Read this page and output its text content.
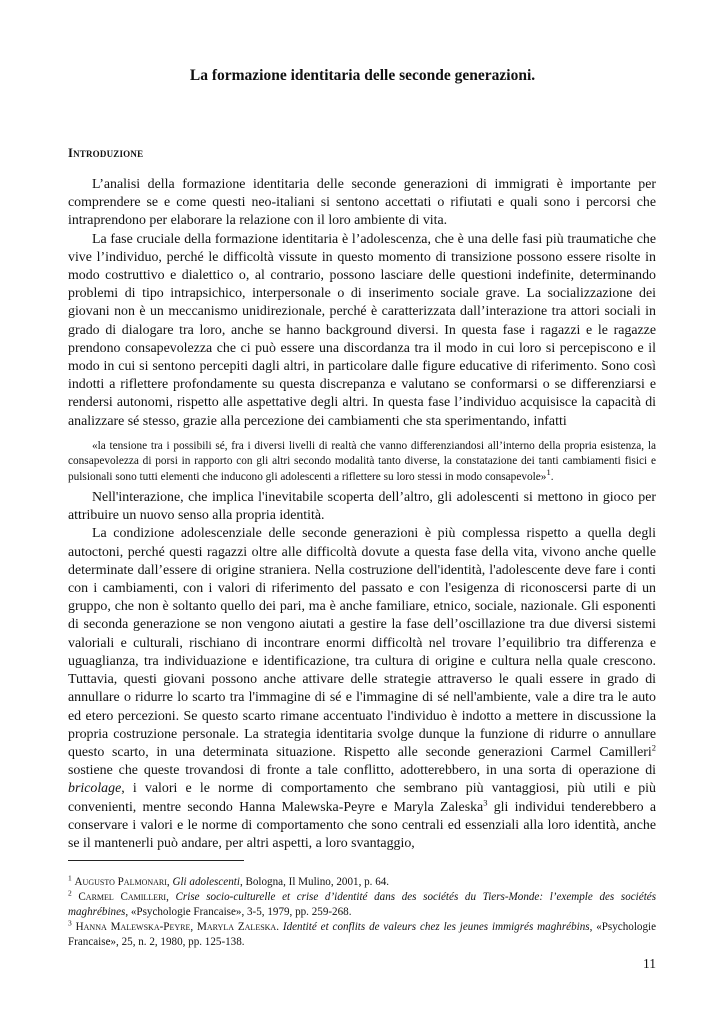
La formazione identitaria delle seconde generazioni.
Introduzione

L’analisi della formazione identitaria delle seconde generazioni di immigrati è importante per comprendere se e come questi neo-italiani si sentono accettati o rifiutati e quali sono i percorsi che intraprendono per elaborare la relazione con il loro ambiente di vita.

La fase cruciale della formazione identitaria è l’adolescenza, che è una delle fasi più traumatiche che vive l’individuo, perché le difficoltà vissute in questo momento di transizione possono essere risolte in modo costruttivo e dialettico o, al contrario, possono lasciare delle questioni indefinite, determinando problemi di tipo intrapsichico, interpersonale o di inserimento sociale grave. La socializzazione dei giovani non è un meccanismo unidirezionale, perché è caratterizzata dall’interazione tra attori sociali in grado di dialogare tra loro, anche se hanno background diversi. In questa fase i ragazzi e le ragazze prendono consapevolezza che ci può essere una discordanza tra il modo in cui loro si percepiscono e il modo in cui si sentono percepiti dagli altri, in particolare dalle figure educative di riferimento. Sono così indotti a riflettere profondamente su questa discrepanza e valutano se conformarsi o se differenziarsi e rendersi autonomi, rispetto alle aspettative degli altri. In questa fase l’individuo acquisisce la capacità di analizzare sé stesso, grazie alla percezione dei cambiamenti che sta sperimentando, infatti

«la tensione tra i possibili sé, fra i diversi livelli di realtà che vanno differenziandosi all’interno della propria esistenza, la consapevolezza di porsi in rapporto con gli altri secondo modalità tanto diverse, la constatazione dei tanti cambiamenti fisici e pulsionali sono tutti elementi che inducono gli adolescenti a riflettere su loro stessi in modo consapevole»$^1$.

Nell'interazione, che implica l'inevitabile scoperta dell’altro, gli adolescenti si mettono in gioco per attribuire un nuovo senso alla propria identità.

La condizione adolescenziale delle seconde generazioni è più complessa rispetto a quella degli autoctoni, perché questi ragazzi oltre alle difficoltà dovute a questa fase della vita, vivono anche quelle determinate dall’essere di origine straniera. Nella costruzione dell'identità, l'adolescente deve fare i conti con i cambiamenti, con i valori di riferimento del passato e con l'esigenza di riconoscersi parte di un gruppo, che non è soltanto quello dei pari, ma è anche familiare, etnico, sociale, nazionale. Gli esponenti di seconda generazione se non vengono aiutati a gestire la fase dell’oscillazione tra due diversi sistemi valoriali e culturali, rischiano di incontrare enormi difficoltà nel trovare l’equilibrio tra differenza e uguaglianza, tra individuazione e identificazione, tra cultura di origine e cultura nella quale crescono. Tuttavia, questi giovani possono anche attivare delle strategie attraverso le quali essere in grado di annullare o ridurre lo scarto tra l'immagine di sé e l'immagine di sé nell'ambiente, vale a dire tra le auto ed etero percezioni. Se questo scarto rimane accentuato l'individuo è indotto a mettere in discussione la propria costruzione personale. La strategia identitaria svolge dunque la funzione di ridurre o annullare questo scarto, in una determinata situazione. Rispetto alle seconde generazioni Carmel Camilleri$^2$ sostiene che queste trovandosi di fronte a tale conflitto, adotterebbero, in una sorta di operazione di bricolage, i valori e le norme di comportamento che sembrano più vantaggiosi, più utili e più convenienti, mentre secondo Hanna Malewska-Peyre e Maryla Zaleska$^3$ gli individui tenderebbero a conservare i valori e le norme di comportamento che sono centrali ed essenziali alla loro identità, anche se il mantenerli può andare, per altri aspetti, a loro svantaggio,

$^1$ Augusto Palmonari, Gli adolescenti, Bologna, Il Mulino, 2001, p. 64.

$^2$ Carmel Camilleri, Crise socio-culturelle et crise d’identité dans des sociétés du Tiers-Monde: l’exemple des sociétés maghrébines, «Psychologie Francaise», 3-5, 1979, pp. 259-268.

$^3$ Hanna Malewska-Peyre, Maryla Zaleska. Identité et conflits de valeurs chez les jeunes immigrés maghrébins, «Psychologie Francaise», 25, n. 2, 1980, pp. 125-138.

11
